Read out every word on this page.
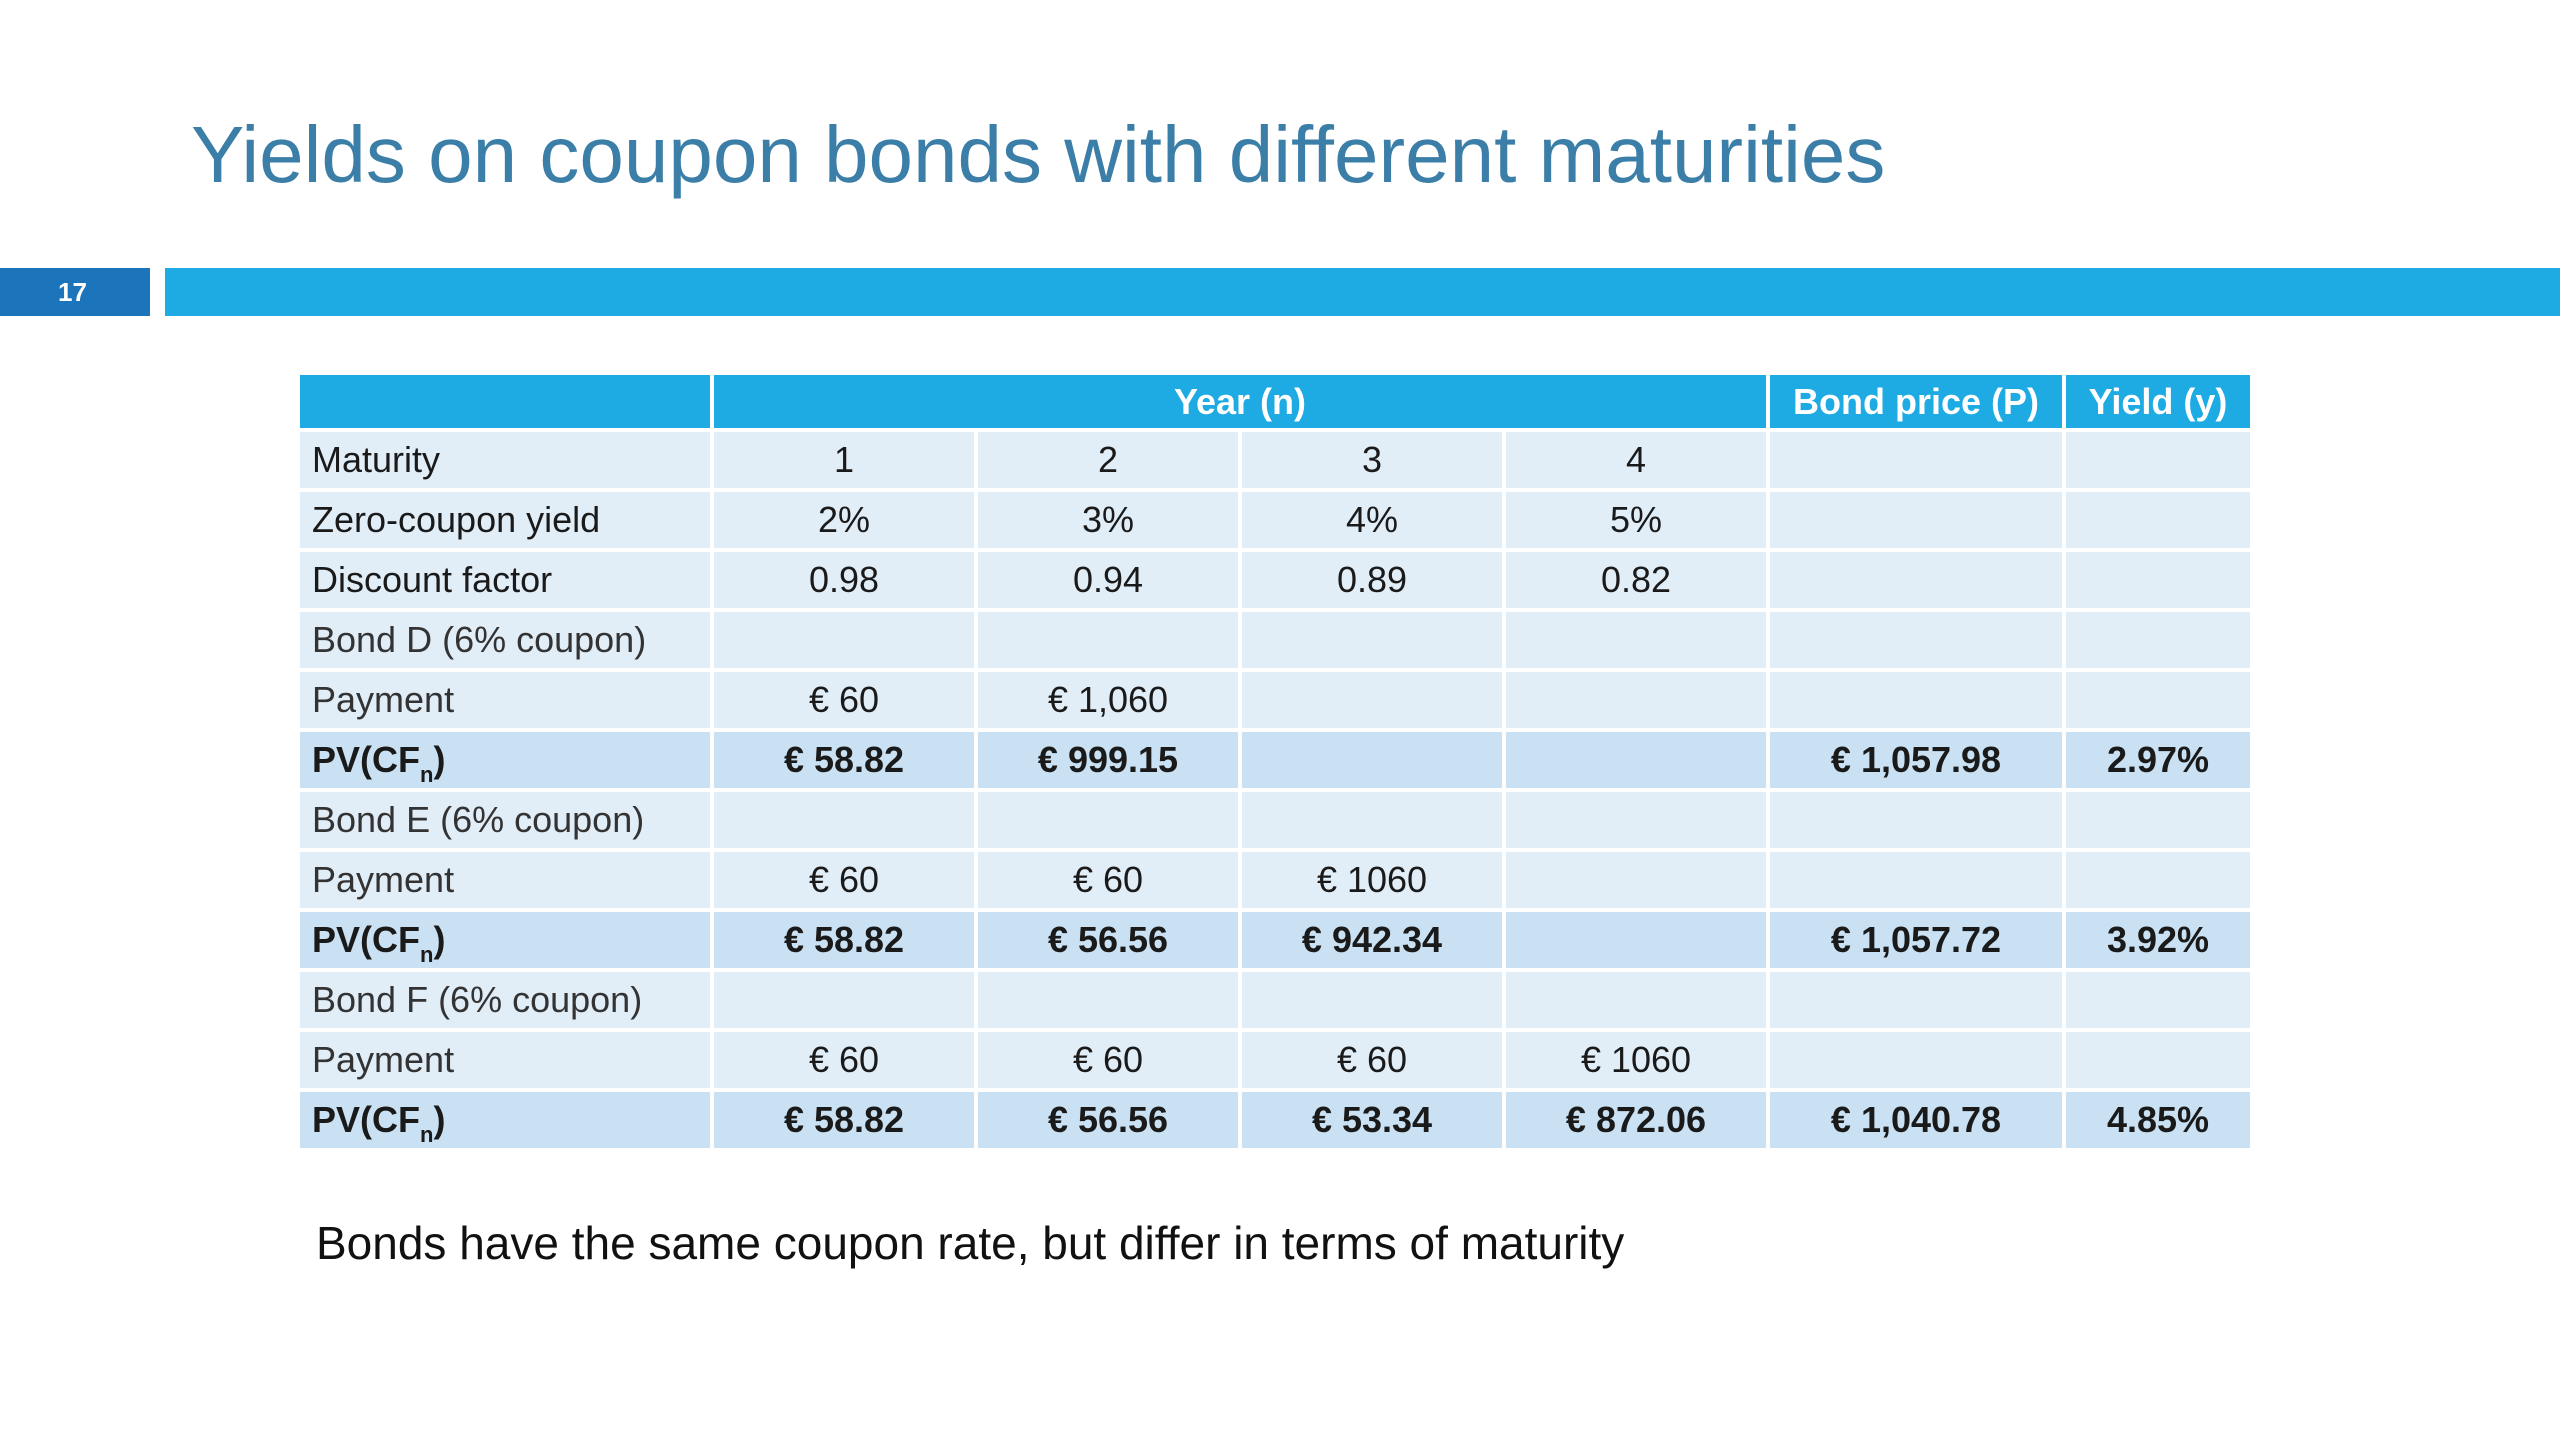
Yields on coupon bonds with different maturities
17
	Year (n)				Bond price (P)	Yield (y)
Maturity	1	2	3	4		
Zero-coupon yield	2%	3%	4%	5%		
Discount factor	0.98	0.94	0.89	0.82		
Bond D (6% coupon)						
Payment	€ 60	€ 1,060				
$PV(CF_n)$	€ 58.82	€ 999.15			€ 1,057.98	2.97%
Bond E (6% coupon)						
Payment	€ 60	€ 60	€ 1060			
$PV(CF_n)$	€ 58.82	€ 56.56	€ 942.34		€ 1,057.72	3.92%
Bond F (6% coupon)						
Payment	€ 60	€ 60	€ 60	€ 1060		
$PV(CF_n)$	€ 58.82	€ 56.56	€ 53.34	€ 872.06	€ 1,040.78	4.85%

Bonds have the same coupon rate, but differ in terms of maturity
